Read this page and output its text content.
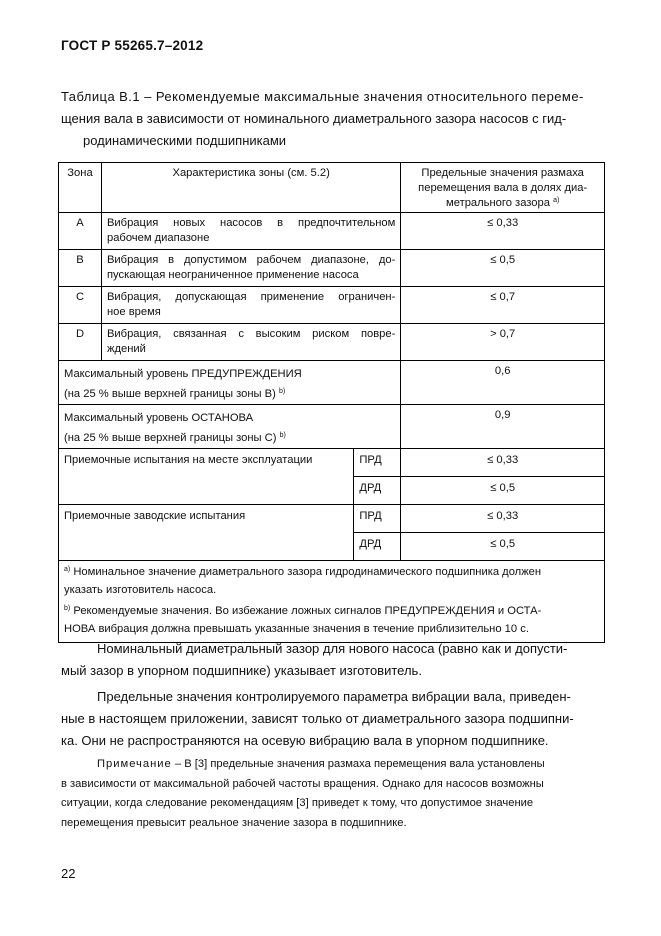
ГОСТ Р 55265.7–2012
Таблица В.1 – Рекомендуемые максимальные значения относительного переме-
щения вала в зависимости от номинального диаметрального зазора насосов с гид-
родинамическими подшипниками
Зона	Характеристика зоны (см. 5.2)		Предельные значения размаха
перемещения вала в долях диа-
метрального зазора $^{а)}$

А	Вибрация новых насосов в предпочтительном
рабочем диапазоне		≤ 0,33
В	Вибрация в допустимом рабочем диапазоне, до-
пускающая неограниченное применение насоса		≤ 0,5
С	Вибрация, допускающая применение ограничен-
ное время		≤ 0,7
D	Вибрация, связанная с высоким риском повре-
ждений		> 0,7

Максимальный уровень ПРЕДУПРЕЖДЕНИЯ
(на 25 % выше верхней границы зоны В) $^{b)}$			0,6

Максимальный уровень ОСТАНОВА
(на 25 % выше верхней границы зоны С) $^{b)}$			0,9
Приемочные испытания на месте эксплуатации		ПРД	≤ 0,33
		ДРД	≤ 0,5
Приемочные заводские испытания		ПРД	≤ 0,33
		ДРД	≤ 0,5

$^{а)}$ Номинальное значение диаметрального зазора гидродинамического подшипника должен
указать изготовитель насоса.
$^{b)}$ Рекомендуемые значения. Во избежание ложных сигналов ПРЕДУПРЕЖДЕНИЯ и ОСТА-
НОВА вибрация должна превышать указанные значения в течение приблизительно 10 с.			
Номинальный диаметральный зазор для нового насоса (равно как и допусти-
мый зазор в упорном подшипнике) указывает изготовитель.
Предельные значения контролируемого параметра вибрации вала, приведен-
ные в настоящем приложении, зависят только от диаметрального зазора подшипни-
ка. Они не распространяются на осевую вибрацию вала в упорном подшипнике.
Примечание – В [3] предельные значения размаха перемещения вала установлены
в зависимости от максимальной рабочей частоты вращения. Однако для насосов возможны
ситуации, когда следование рекомендациям [3] приведет к тому, что допустимое значение
перемещения превысит реальное значение зазора в подшипнике.
22
